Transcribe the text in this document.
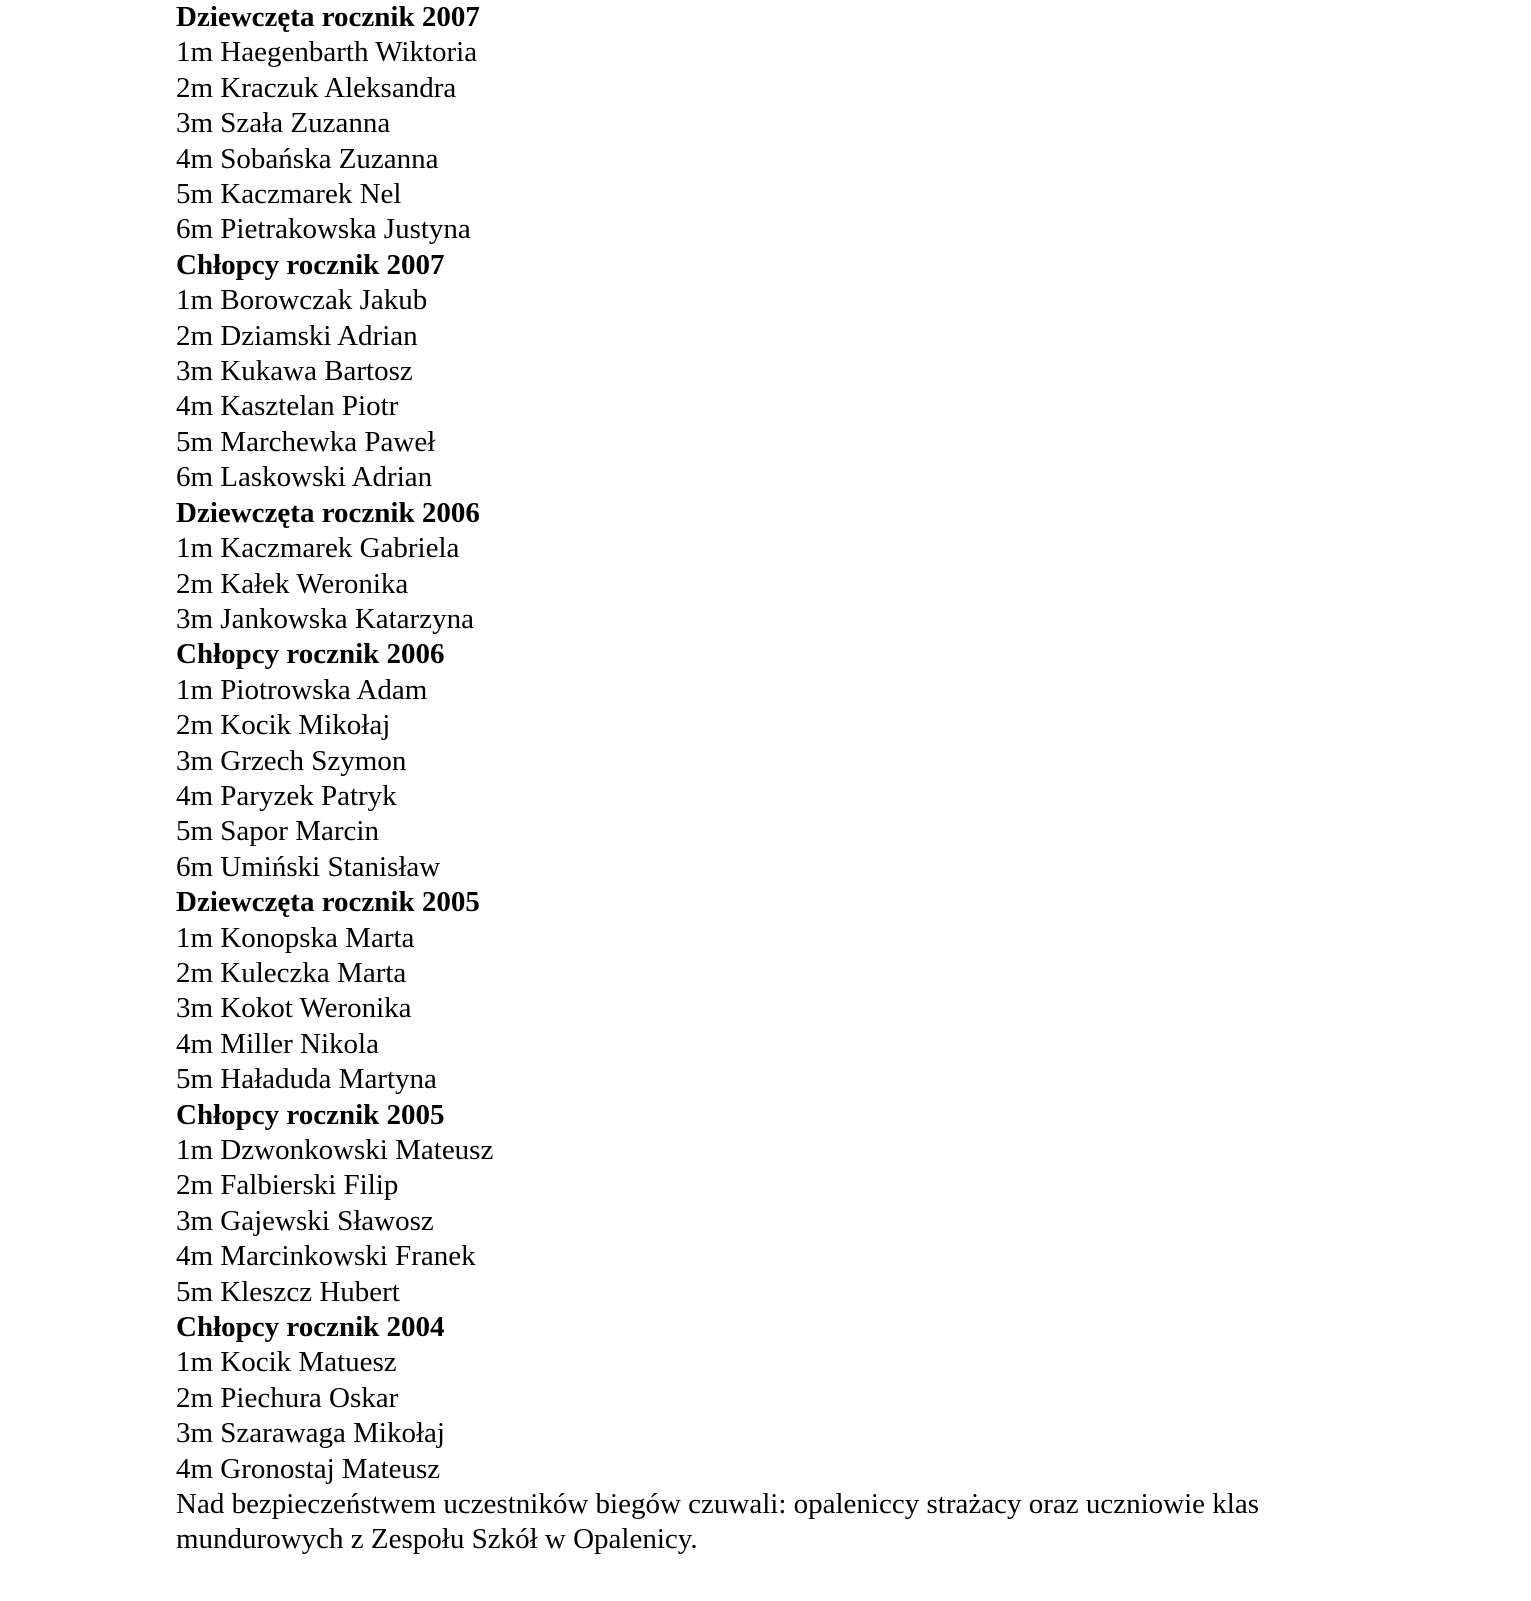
Dziewczęta rocznik 2007

1m Haegenbarth Wiktoria

2m Kraczuk Aleksandra

3m Szała Zuzanna

4m Sobańska Zuzanna

5m Kaczmarek Nel

6m Pietrakowska Justyna

Chłopcy rocznik 2007

1m Borowczak Jakub

2m Dziamski Adrian

3m Kukawa Bartosz

4m Kasztelan Piotr

5m Marchewka Paweł

6m Laskowski Adrian

Dziewczęta rocznik 2006

1m Kaczmarek Gabriela

2m Kałek Weronika

3m Jankowska Katarzyna

Chłopcy rocznik 2006

1m Piotrowska Adam

2m Kocik Mikołaj

3m Grzech Szymon

4m Paryzek Patryk

5m Sapor Marcin

6m Umiński Stanisław

Dziewczęta rocznik 2005

1m Konopska Marta

2m Kuleczka Marta

3m Kokot Weronika

4m Miller Nikola

5m Haładuda Martyna

Chłopcy rocznik 2005

1m Dzwonkowski Mateusz

2m Falbierski Filip

3m Gajewski Sławosz

4m Marcinkowski Franek

5m Kleszcz Hubert

Chłopcy rocznik 2004

1m Kocik Matuesz

2m Piechura Oskar

3m Szarawaga Mikołaj

4m Gronostaj Mateusz

Nad bezpieczeństwem uczestników biegów czuwali: opaleniccy strażacy oraz uczniowie klas mundurowych z Zespołu Szkół w Opalenicy.
